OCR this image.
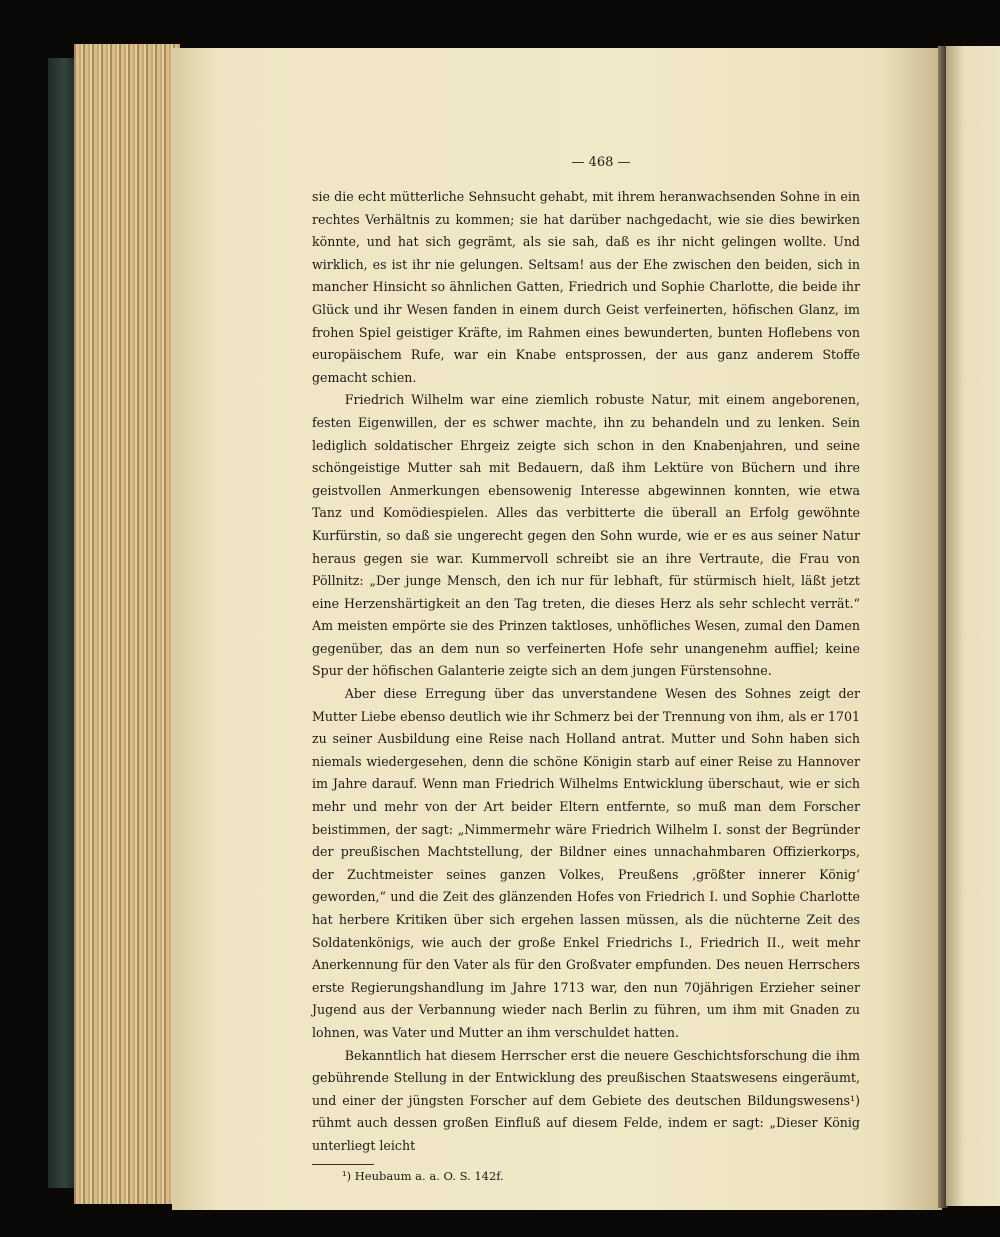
— 468 —

sie die echt mütterliche Sehnsucht gehabt, mit ihrem heranwachsenden Sohne in ein rechtes Verhältnis zu kommen; sie hat darüber nachgedacht, wie sie dies bewirken könnte, und hat sich gegrämt, als sie sah, daß es ihr nicht gelingen wollte. Und wirklich, es ist ihr nie gelungen. Seltsam! aus der Ehe zwischen den beiden, sich in mancher Hinsicht so ähnlichen Gatten, Friedrich und Sophie Charlotte, die beide ihr Glück und ihr Wesen fanden in einem durch Geist verfeinerten, höfischen Glanz, im frohen Spiel geistiger Kräfte, im Rahmen eines bewunderten, bunten Hoflebens von europäischem Rufe, war ein Knabe entsprossen, der aus ganz anderem Stoffe gemacht schien.

Friedrich Wilhelm war eine ziemlich robuste Natur, mit einem angeborenen, festen Eigenwillen, der es schwer machte, ihn zu behandeln und zu lenken. Sein lediglich soldatischer Ehrgeiz zeigte sich schon in den Knabenjahren, und seine schöngeistige Mutter sah mit Bedauern, daß ihm Lektüre von Büchern und ihre geistvollen Anmerkungen ebensowenig Interesse abgewinnen konnten, wie etwa Tanz und Komödiespielen. Alles das verbitterte die überall an Erfolg gewöhnte Kurfürstin, so daß sie ungerecht gegen den Sohn wurde, wie er es aus seiner Natur heraus gegen sie war. Kummervoll schreibt sie an ihre Vertraute, die Frau von Pöllnitz: „Der junge Mensch, den ich nur für lebhaft, für stürmisch hielt, läßt jetzt eine Herzenshärtigkeit an den Tag treten, die dieses Herz als sehr schlecht verrät.“ Am meisten empörte sie des Prinzen taktloses, unhöfliches Wesen, zumal den Damen gegenüber, das an dem nun so verfeinerten Hofe sehr unangenehm auffiel; keine Spur der höfischen Galanterie zeigte sich an dem jungen Fürstensohne.

Aber diese Erregung über das unverstandene Wesen des Sohnes zeigt der Mutter Liebe ebenso deutlich wie ihr Schmerz bei der Trennung von ihm, als er 1701 zu seiner Ausbildung eine Reise nach Holland antrat. Mutter und Sohn haben sich niemals wiedergesehen, denn die schöne Königin starb auf einer Reise zu Hannover im Jahre darauf. Wenn man Friedrich Wilhelms Entwicklung überschaut, wie er sich mehr und mehr von der Art beider Eltern entfernte, so muß man dem Forscher beistimmen, der sagt: „Nimmermehr wäre Friedrich Wilhelm I. sonst der Begründer der preußischen Machtstellung, der Bildner eines unnachahmbaren Offizierkorps, der Zuchtmeister seines ganzen Volkes, Preußens ‚größter innerer König‘ geworden,“ und die Zeit des glänzenden Hofes von Friedrich I. und Sophie Charlotte hat herbere Kritiken über sich ergehen lassen müssen, als die nüchterne Zeit des Soldatenkönigs, wie auch der große Enkel Friedrichs I., Friedrich II., weit mehr Anerkennung für den Vater als für den Großvater empfunden. Des neuen Herrschers erste Regierungshandlung im Jahre 1713 war, den nun 70jährigen Erzieher seiner Jugend aus der Verbannung wieder nach Berlin zu führen, um ihm mit Gnaden zu lohnen, was Vater und Mutter an ihm verschuldet hatten.

Bekanntlich hat diesem Herrscher erst die neuere Geschichtsforschung die ihm gebührende Stellung in der Entwicklung des preußischen Staatswesens eingeräumt, und einer der jüngsten Forscher auf dem Gebiete des deutschen Bildungswesens¹) rühmt auch dessen großen Einfluß auf diesem Felde, indem er sagt: „Dieser König unterliegt leicht

¹) Heubaum a. a. O. S. 142f.
